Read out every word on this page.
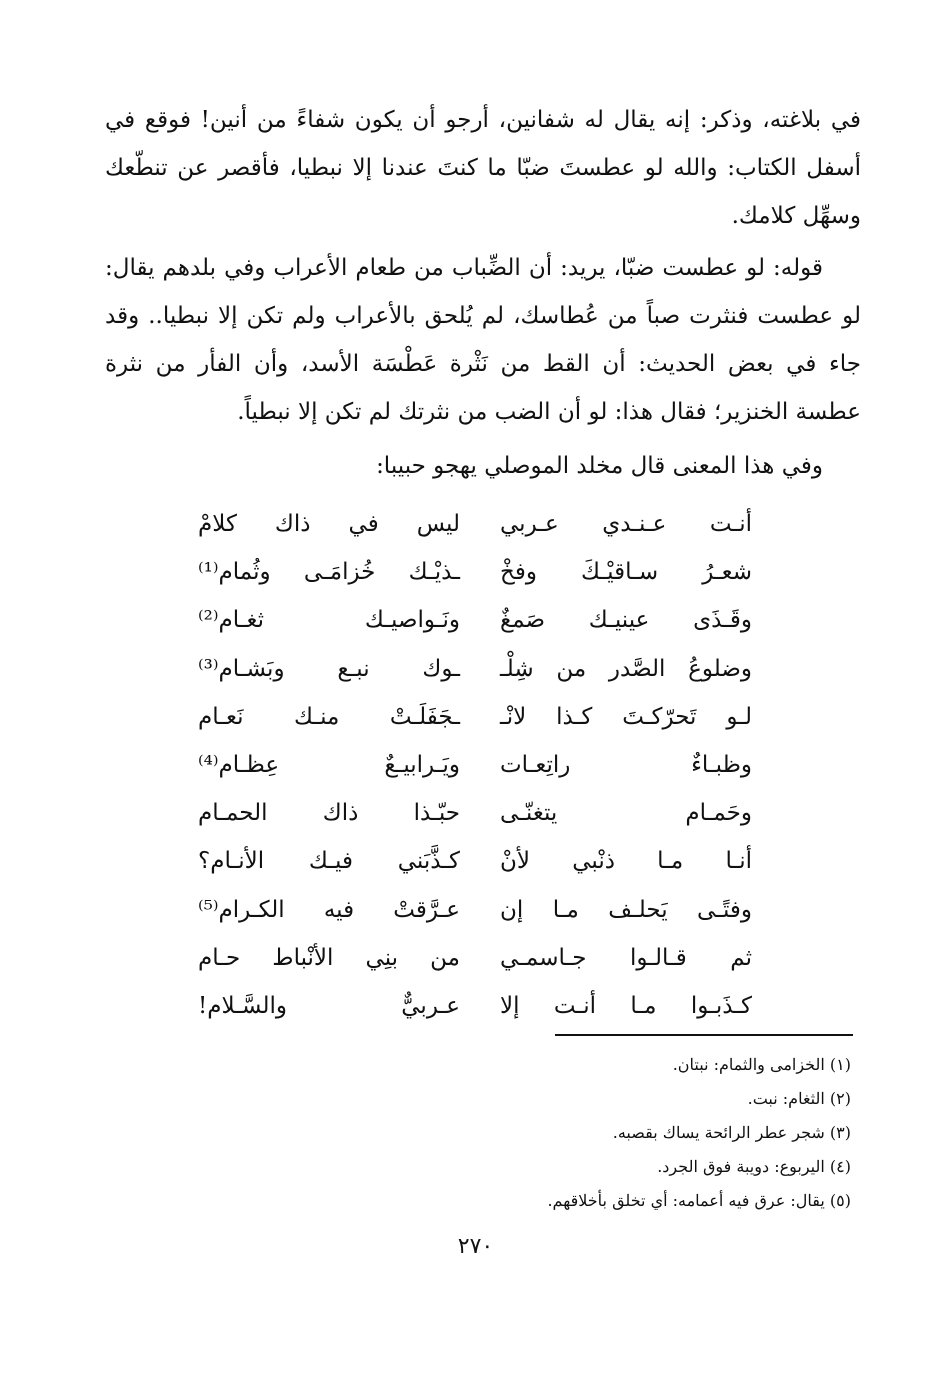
في بلاغته، وذكر: إنه يقال له شفانين، أرجو أن يكون شفاءً من أنين! فوقع في أسفل الكتاب: والله لو عطستَ ضبّا ما كنتَ عندنا إلا نبطيا، فأقصر عن تنطّعك وسهِّل كلامك.

قوله: لو عطست ضبّا، يريد: أن الضِّباب من طعام الأعراب وفي بلدهم يقال: لو عطست فنثرت صباً من عُطاسك، لم يُلحق بالأعراب ولم تكن إلا نبطيا.. وقد جاء في بعض الحديث: أن القط من نَثْرة عَطْسَة الأسد، وأن الفأر من نثرة عطسة الخنزير؛ فقال هذا: لو أن الضب من نثرتك لم تكن إلا نبطياً.

وفي هذا المعنى قال مخلد الموصلي يهجو حبيبا:

أنـت عـنـدي عـربي
ليس في ذاك كلامْ
شعـرُ سـاقيْـكَ وفخْ
ـذيْـك خُزامَـى وثُمام⁽¹⁾
وقَـذَى عينيـك صَمغٌ
ونَـواصيـك ثغـام⁽²⁾
وضلوعُ الصَّدر من شِلْـ
ـوك نبـع وبَشـام⁽³⁾
لـو تَحرّكـتَ كـذا لانْـ
ـجَفَلَـتْ منـك نَعـام
وظبـاءٌ راتِعـات
ويَـرابيـعٌ عِظـام⁽⁴⁾
وحَمـام يتغنّـى
حبّـذا ذاك الحمـام
أنـا مـا ذنْبي لأنْ
كـذَّبَني فيـك الأنـام؟
وفتًـى يَحلـف مـا إن
عـرَّقتْ فيه الكـرام⁽⁵⁾
ثم قـالـوا جـاسمـي
من بنِي الأنْباط حـام
كـذَبـوا مـا أنـت إلا
عـربيٌّ والسَّـلام!
(١) الخزامى والثمام: نبتان.
(٢) الثغام: نبت.
(٣) شجر عطر الرائحة يساك بقصبه.
(٤) اليربوع: دويبة فوق الجرد.
(٥) يقال: عرق فيه أعمامه: أي تخلق بأخلاقهم.
٢٧٠
